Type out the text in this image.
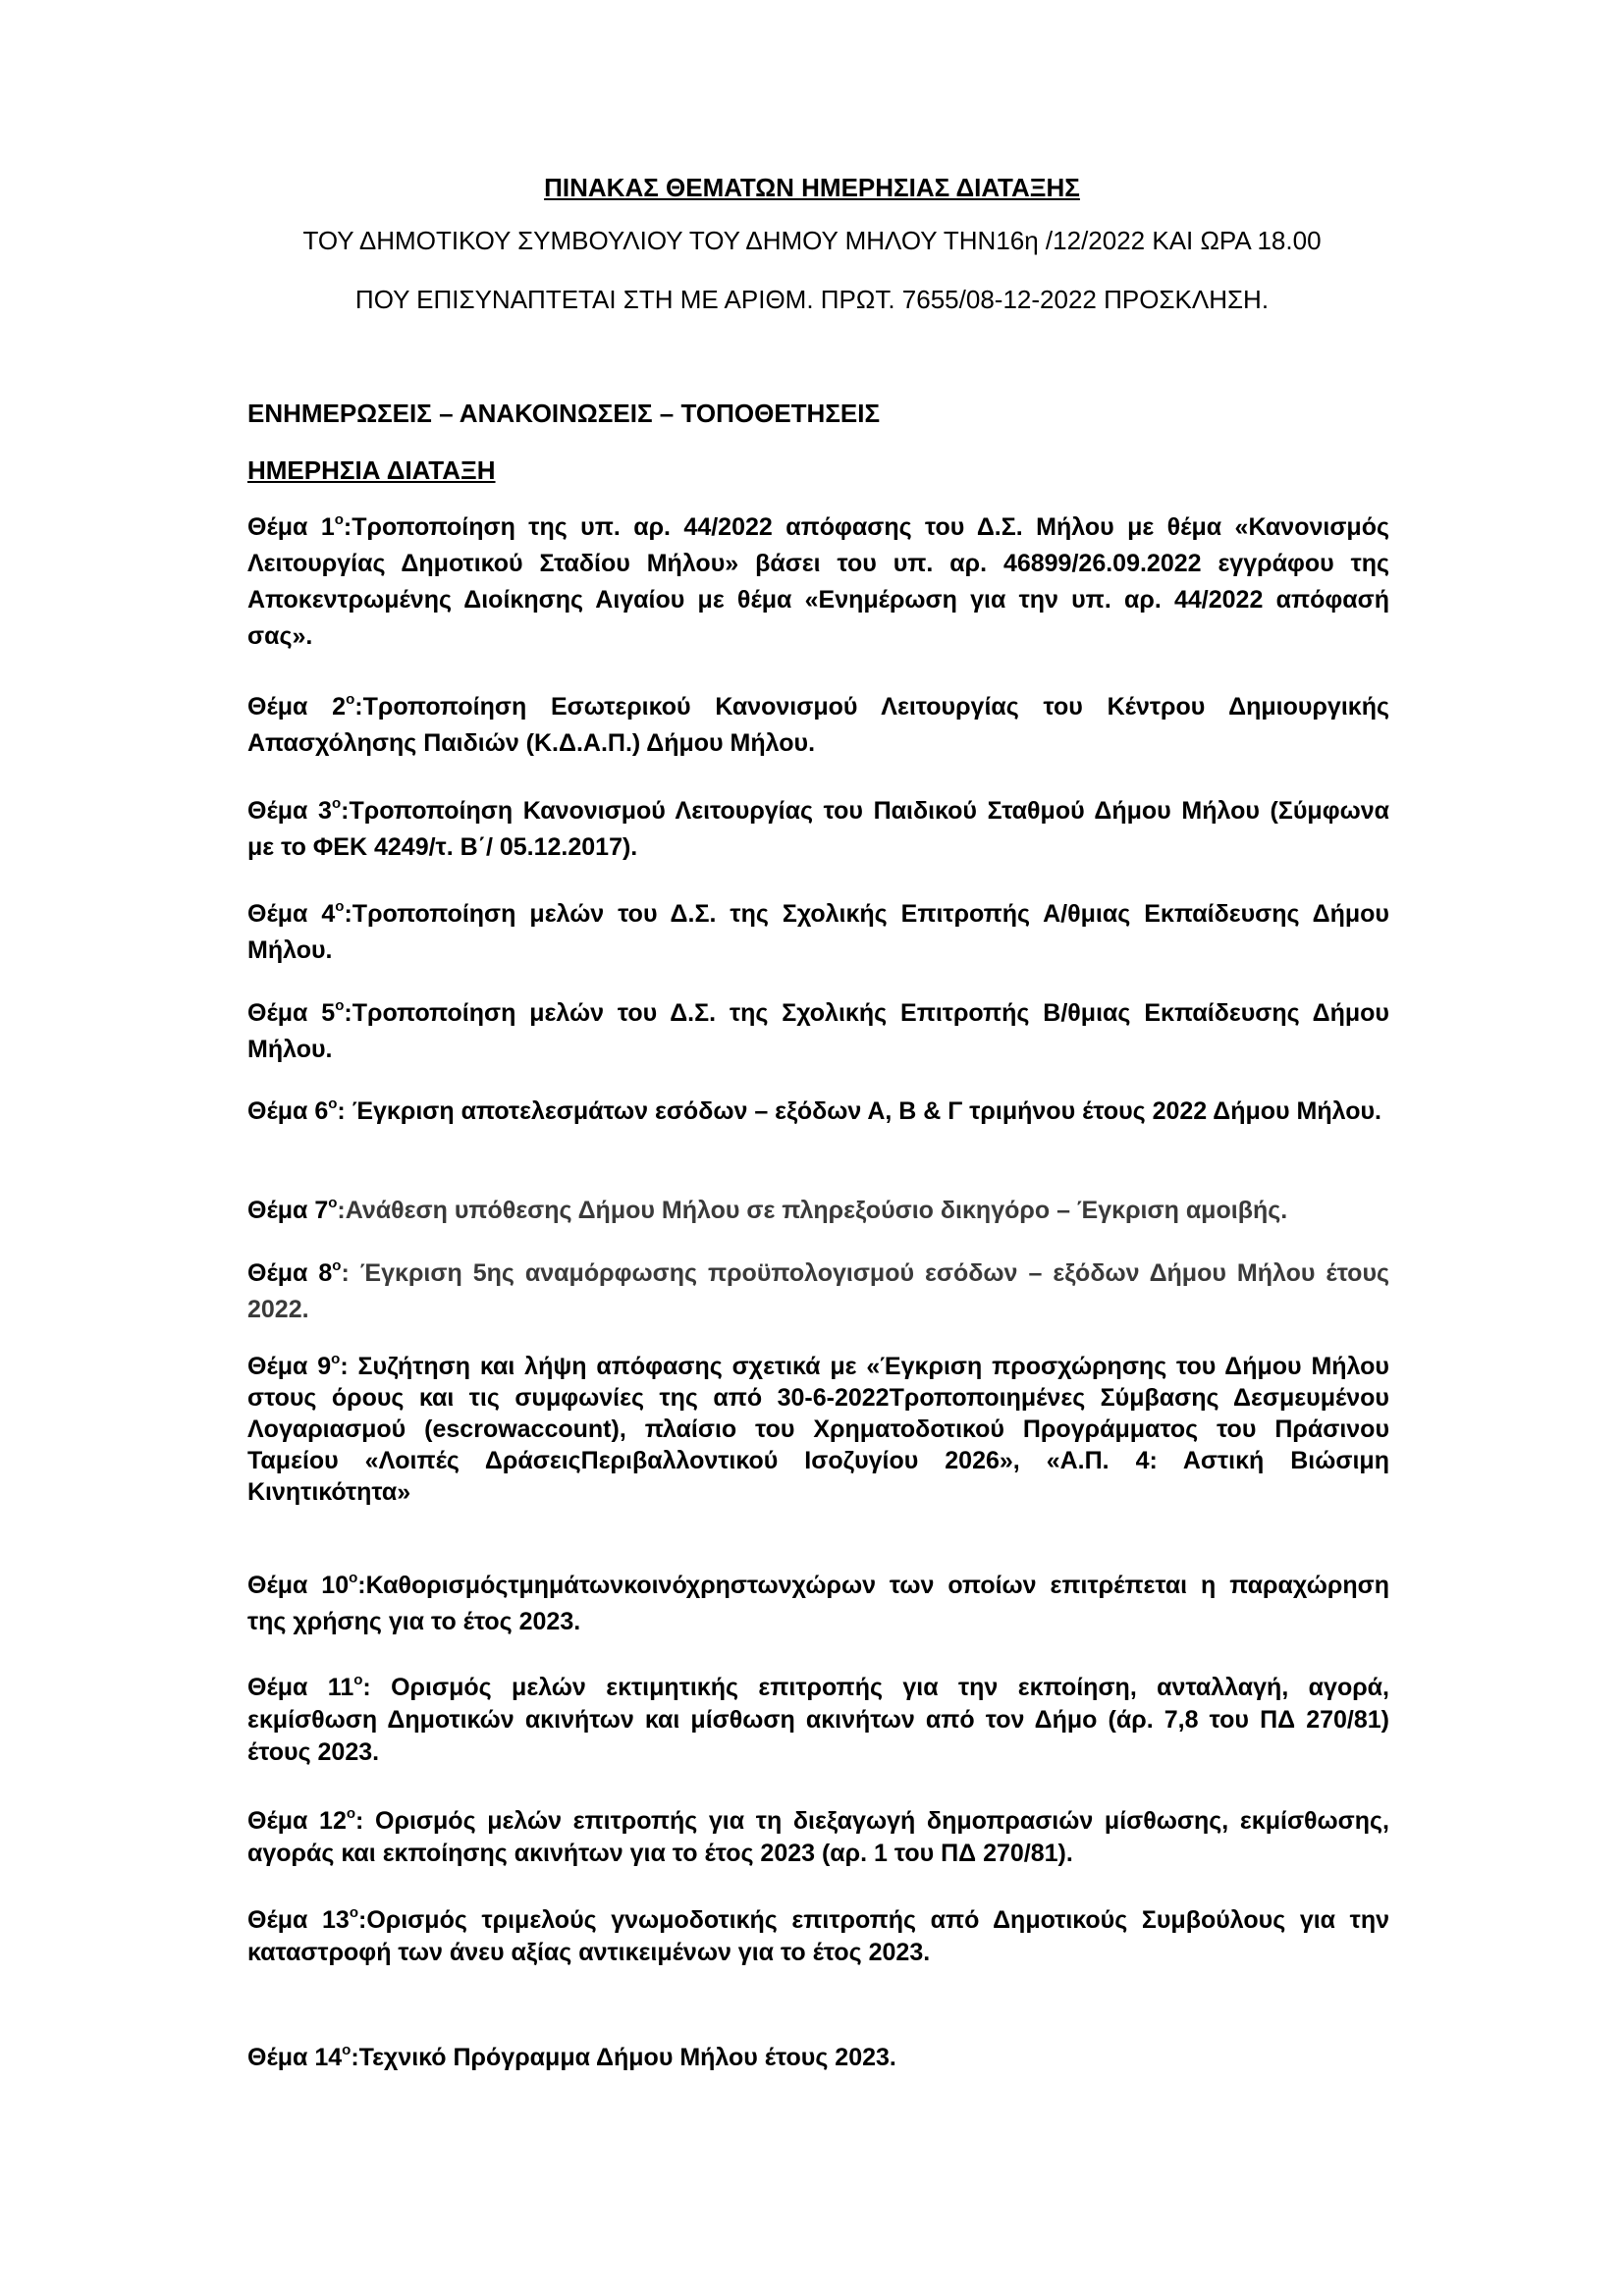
ΠΙΝΑΚΑΣ ΘΕΜΑΤΩΝ ΗΜΕΡΗΣΙΑΣ ΔΙΑΤΑΞΗΣ
ΤΟΥ ΔΗΜΟΤΙΚΟΥ ΣΥΜΒΟΥΛΙΟΥ ΤΟΥ ΔΗΜΟΥ ΜΗΛΟΥ ΤΗΝ16η /12/2022 ΚΑΙ ΩΡΑ 18.00
ΠΟΥ ΕΠΙΣΥΝΑΠΤΕΤΑΙ ΣΤΗ ΜΕ ΑΡΙΘΜ. ΠΡΩΤ. 7655/08-12-2022 ΠΡΟΣΚΛΗΣΗ.
ΕΝΗΜΕΡΩΣΕΙΣ – ΑΝΑΚΟΙΝΩΣΕΙΣ – ΤΟΠΟΘΕΤΗΣΕΙΣ
ΗΜΕΡΗΣΙΑ ΔΙΑΤΑΞΗ
Θέμα $1^o:T\rho o\pi o\pi oί\eta\sigma\eta$ της υπ. αρ. 44/2022 απόφασης του Δ.Σ. Μήλου με θέμα «Κανονισμός Λειτουργίας Δημοτικού Σταδίου Μήλου» βάσει του υπ. αρ. 46899/26.09.2022 εγγράφου της Αποκεντρωμένης Διοίκησης Αιγαίου με θέμα «Ενημέρωση για την υπ. αρ. 44/2022 απόφασή σας».
Θέμα $2^o:T\rho o\pi o\pi oί\eta\sigma\eta$ Εσωτερικού Κανονισμού Λειτουργίας του Κέντρου Δημιουργικής Απασχόλησης Παιδιών (Κ.Δ.Α.Π.) Δήμου Μήλου.
Θέμα $3^o:T\rho o\pi o\pi oί\eta\sigma\eta$ Κανονισμού Λειτουργίας του Παιδικού Σταθμού Δήμου Μήλου (Σύμφωνα με το ΦΕΚ 4249/τ. Β΄/ 05.12.2017).
Θέμα $4^o:T\rho o\pi o\pi oί\eta\sigma\eta$ μελών του Δ.Σ. της Σχολικής Επιτροπής Α/θμιας Εκπαίδευσης Δήμου Μήλου.
Θέμα $5^o:T\rho o\pi o\pi oί\eta\sigma\eta$ μελών του Δ.Σ. της Σχολικής Επιτροπής Β/θμιας Εκπαίδευσης Δήμου Μήλου.
Θέμα $6^o$: Έγκριση αποτελεσμάτων εσόδων – εξόδων Α, Β & Γ τριμήνου έτους 2022 Δήμου Μήλου.
Θέμα $7^o:A\nu ά\theta\varepsilon\sigma\eta$ υπόθεσης Δήμου Μήλου σε πληρεξούσιο δικηγόρο – Έγκριση αμοιβής.
Θέμα $8^o$: Έγκριση 5ης αναμόρφωσης προϋπολογισμού εσόδων – εξόδων Δήμου Μήλου έτους 2022.
Θέμα $9^o$: Συζήτηση και λήψη απόφασης σχετικά με «Έγκριση προσχώρησης του Δήμου Μήλου στους όρους και τις συμφωνίες της από 30-6-2022Τροποποιημένες Σύμβασης Δεσμευμένου Λογαριασμού (escrowaccount), πλαίσιο του Χρηματοδοτικού Προγράμματος του Πράσινου Ταμείου «Λοιπές ΔράσειςΠεριβαλλοντικού Ισοζυγίου 2026», «Α.Π. 4: Αστική Βιώσιμη Κινητικότητα»
Θέμα $10^o:K\alpha\theta o\rho\iota\sigma\mu ό\varsigma\tau\mu\eta\mu ά\tau\omega\nu\kappa o\iota\nu ό\chi\rho\eta\sigma\tau\omega\nu\chi ώ\rho\omega\nu$ των οποίων επιτρέπεται η παραχώρηση της χρήσης για το έτος 2023.
Θέμα $11^o$: Ορισμός μελών εκτιμητικής επιτροπής για την εκποίηση, ανταλλαγή, αγορά, εκμίσθωση Δημοτικών ακινήτων και μίσθωση ακινήτων από τον Δήμο (άρ. 7,8 του ΠΔ 270/81) έτους 2023.
Θέμα $12^o$: Ορισμός μελών επιτροπής για τη διεξαγωγή δημοπρασιών μίσθωσης, εκμίσθωσης, αγοράς και εκποίησης ακινήτων για το έτος 2023 (αρ. 1 του ΠΔ 270/81).
Θέμα $13^o:O\rho\iota\sigma\mu ό\varsigma$ τριμελούς γνωμοδοτικής επιτροπής από Δημοτικούς Συμβούλους για την καταστροφή των άνευ αξίας αντικειμένων για το έτος 2023.
Θέμα $14^o:T\varepsilon\chi\nu\iota\kappa ό$ Πρόγραμμα Δήμου Μήλου έτους 2023.
